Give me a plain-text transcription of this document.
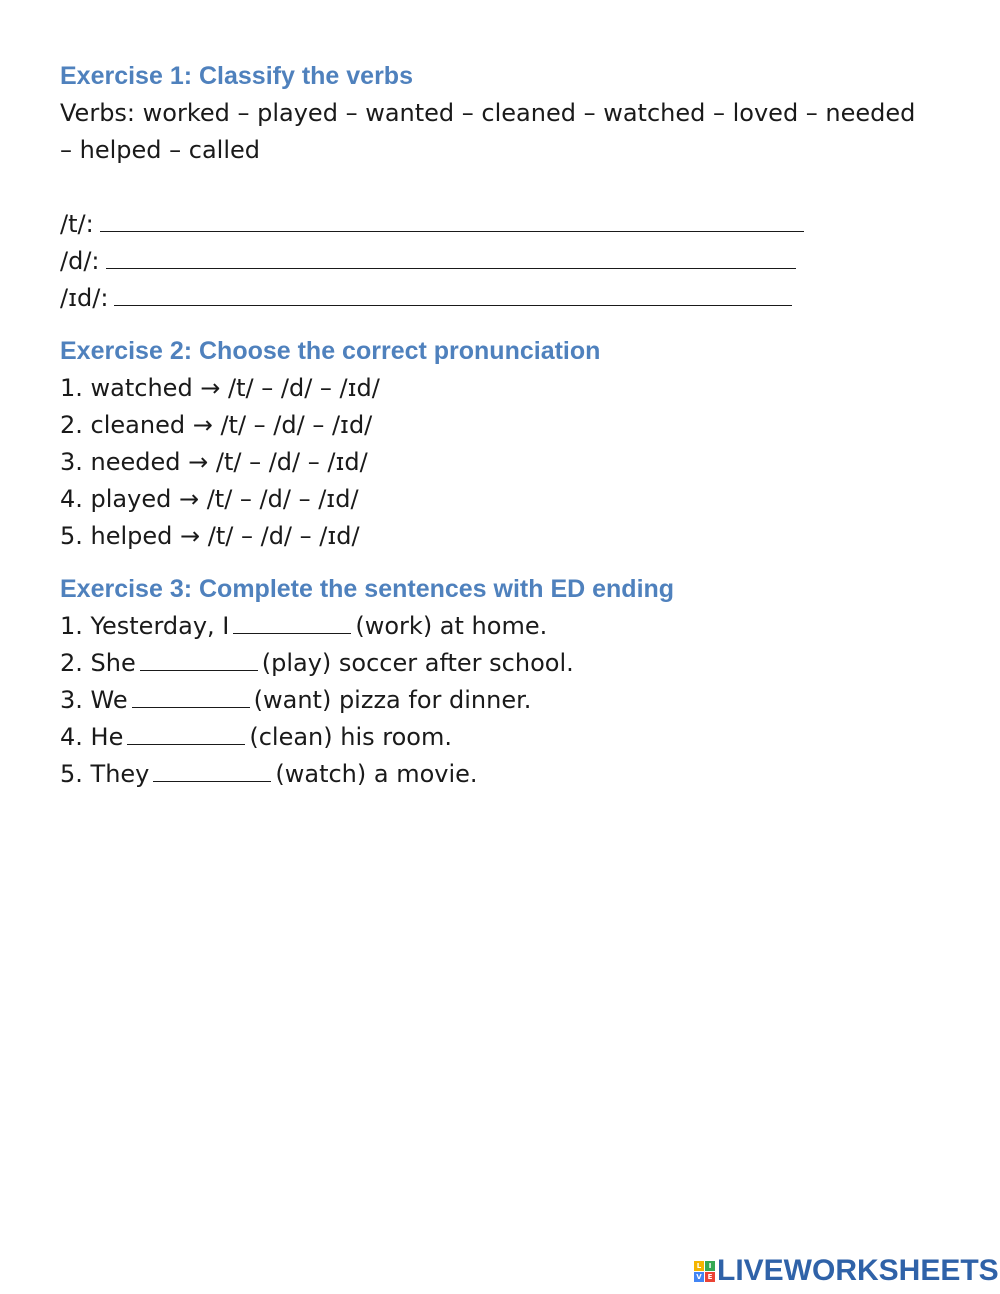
Exercise 1: Classify the verbs

Verbs: worked – played – wanted – cleaned – watched – loved – needed – helped – called

/t/:

/d/:

/ɪd/:

Exercise 2: Choose the correct pronunciation

1. watched → /t/ – /d/ – /ɪd/

2. cleaned → /t/ – /d/ – /ɪd/

3. needed → /t/ – /d/ – /ɪd/

4. played → /t/ – /d/ – /ɪd/

5. helped → /t/ – /d/ – /ɪd/

Exercise 3: Complete the sentences with ED ending

1. Yesterday, I	(work) at home.

2. She	(play) soccer after school.

3. We	(want) pizza for dinner.

4. He	(clean) his room.

5. They	(watch) a movie.

L	I
V E LIVEWORKSHEETS
